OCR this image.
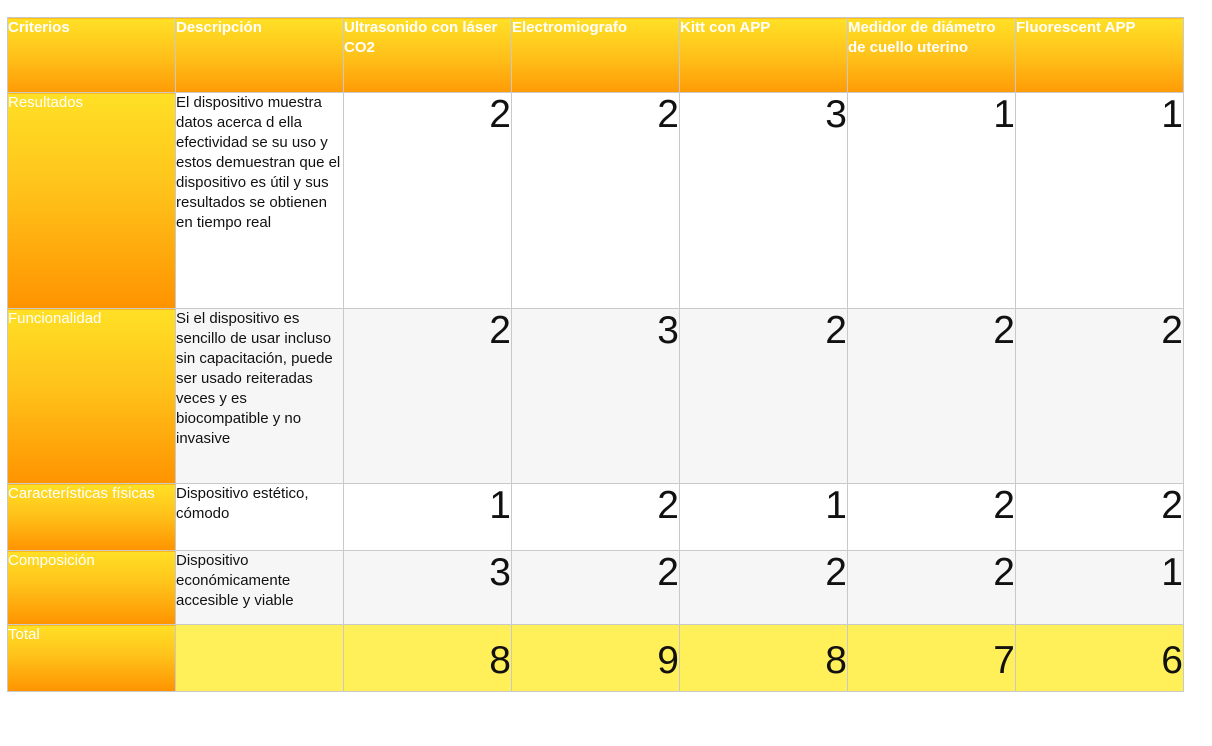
Criterios	Descripción	Ultrasonido con láser CO2	Electromiografo	Kitt con APP	Medidor de diámetro de cuello uterino	Fluorescent APP
Resultados	El dispositivo muestra datos acerca d ella efectividad se su uso y estos demuestran que el dispositivo es útil y sus resultados se obtienen en tiempo real	2	2	3	1	1
Funcionalidad	Si el dispositivo es sencillo de usar incluso sin capacitación, puede ser usado reiteradas veces y es biocompatible y no invasive	2	3	2	2	2
Características físicas	Dispositivo estético, cómodo	1	2	1	2	2
Composición	Dispositivo económicamente accesible y viable	3	2	2	2	1
Total		8	9	8	7	6
